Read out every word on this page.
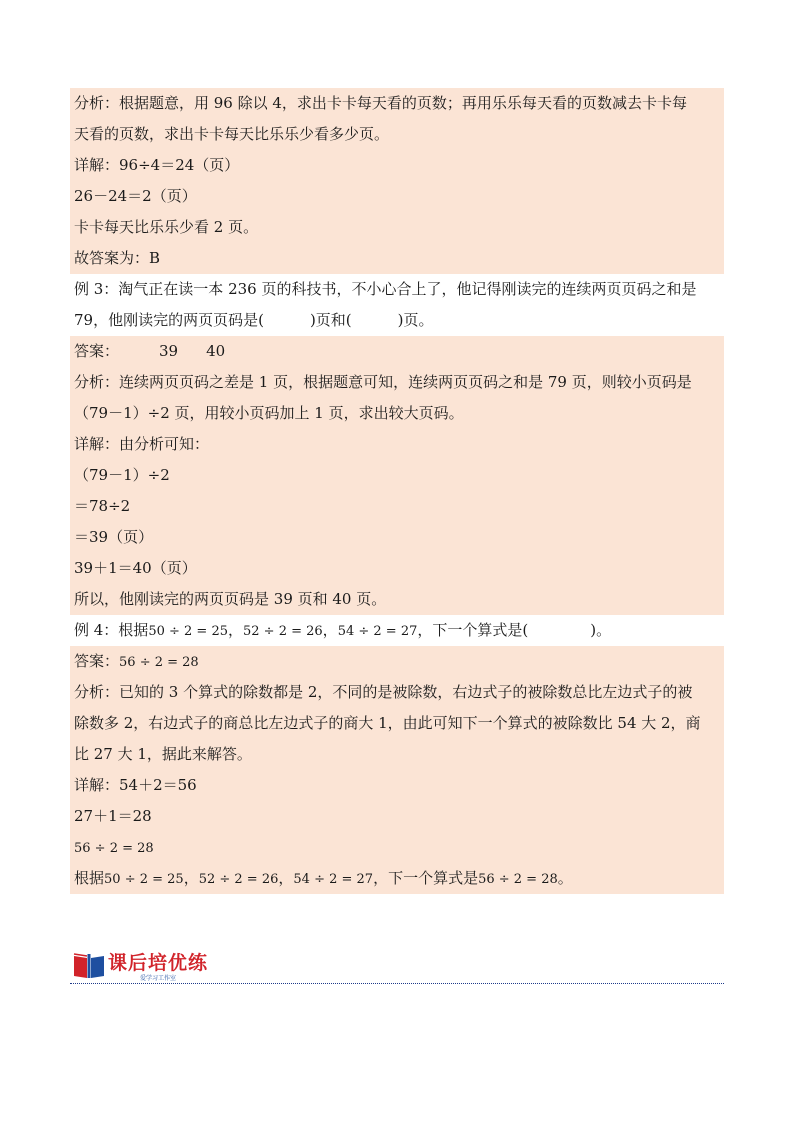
分析：根据题意，用 96 除以 4，求出卡卡每天看的页数；再用乐乐每天看的页数减去卡卡每
天看的页数，求出卡卡每天比乐乐少看多少页。
详解：96÷4＝24（页）
26－24＝2（页）
卡卡每天比乐乐少看 2 页。
故答案为：B
例 3：淘气正在读一本 236 页的科技书，不小心合上了，他记得刚读完的连续两页页码之和是
79，他刚读完的两页页码是(	)页和(	)页。
答案：	39 40
分析：连续两页页码之差是 1 页，根据题意可知，连续两页页码之和是 79 页，则较小页码是
（79－1）÷2 页，用较小页码加上 1 页，求出较大页码。
详解：由分析可知：
（79－1）÷2
＝78÷2
＝39（页）
39＋1＝40（页）
所以，他刚读完的两页页码是 39 页和 40 页。
例 4：根据50 ÷ 2 = 25，52 ÷ 2 = 26，54 ÷ 2 = 27，下一个算式是(	)。
答案：56 ÷ 2 = 28
分析：已知的 3 个算式的除数都是 2，不同的是被除数，右边式子的被除数总比左边式子的被
除数多 2，右边式子的商总比左边式子的商大 1，由此可知下一个算式的被除数比 54 大 2，商
比 27 大 1，据此来解答。
详解：54＋2＝56
27＋1＝28
56 ÷ 2 = 28
根据50 ÷ 2 = 25，52 ÷ 2 = 26，54 ÷ 2 = 27，下一个算式是56 ÷ 2 = 28。
课后培优练
爱学习工作室
